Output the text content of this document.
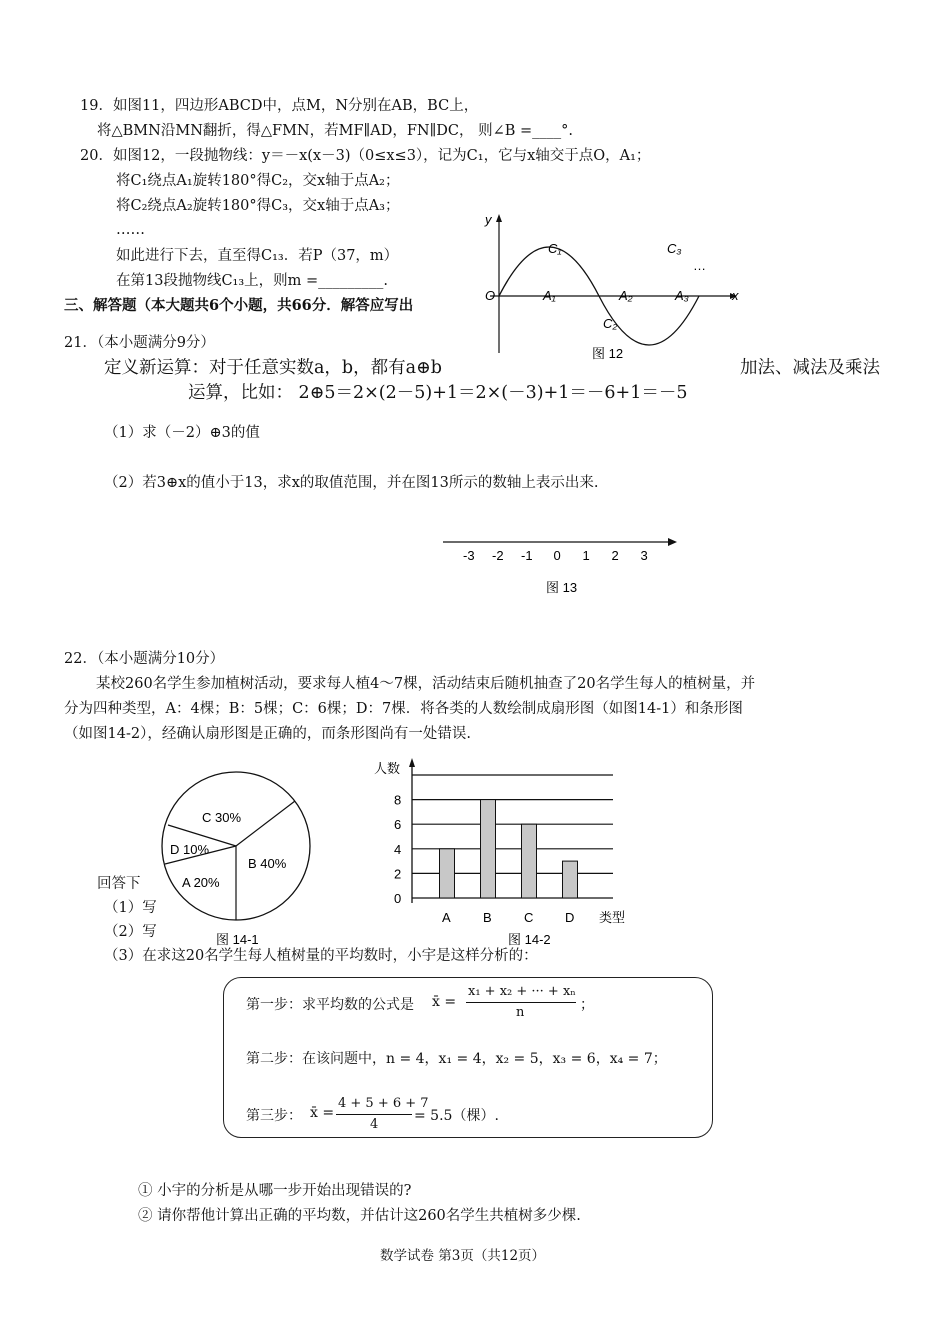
19．如图11，四边形ABCD中，点M，N分别在AB，BC上，
将△BMN沿MN翻折，得△FMN，若MF∥AD，FN∥DC， 则∠B =____°.
20．如图12，一段抛物线：y＝－x(x－3)（0≤x≤3），记为C₁，它与x轴交于点O，A₁；
将C₁绕点A₁旋转180°得C₂，交x轴于点A₂；
将C₂绕点A₂旋转180°得C₃，交x轴于点A₃；
……
如此进行下去，直至得C₁₃．若P（37，m）
在第13段抛物线C₁₃上，则m =_________.
y
x
O	A₁	A₂	A₃
C₁
C₂
C₃
…
图 12
三、解答题（本大题共6个小题，共66分．解答应写出
21．（本小题满分9分）
定义新运算：对于任意实数a，b，都有a⊕b	加法、减法及乘法
运算，比如： 2⊕5＝2×(2－5)+1＝2×(－3)+1＝－6+1＝－5
（1）求（－2）⊕3的值
（2）若3⊕x的值小于13，求x的取值范围，并在图13所示的数轴上表示出来.
-3 -2 -1 0 1 2 3
图 13
22．（本小题满分10分）
某校260名学生参加植树活动，要求每人植4～7棵，活动结束后随机抽查了20名学生每人的植树量，并
分为四种类型，A：4棵；B：5棵；C：6棵；D：7棵．将各类的人数绘制成扇形图（如图14-1）和条形图
（如图14-2），经确认扇形图是正确的，而条形图尚有一处错误.
回答下
（1）写
（2）写
（3）在求这20名学生每人植树量的平均数时，小宇是这样分析的：
C 30%
D 10%
B 40%
A 20%
图 14-1
0
2
4
6
8
A B C D
人数
类型
图 14-2
第一步：求平均数的公式是 x̄ =
x₁ + x₂ + ··· + xₙ
n	；
第二步：在该问题中，n = 4，x₁ = 4，x₂ = 5，x₃ = 6，x₄ = 7；
第三步： x̄ =
4 + 5 + 6 + 7
4
= 5.5（棵）.
① 小宇的分析是从哪一步开始出现错误的?
② 请你帮他计算出正确的平均数，并估计这260名学生共植树多少棵.
数学试卷 第3页（共12页）
